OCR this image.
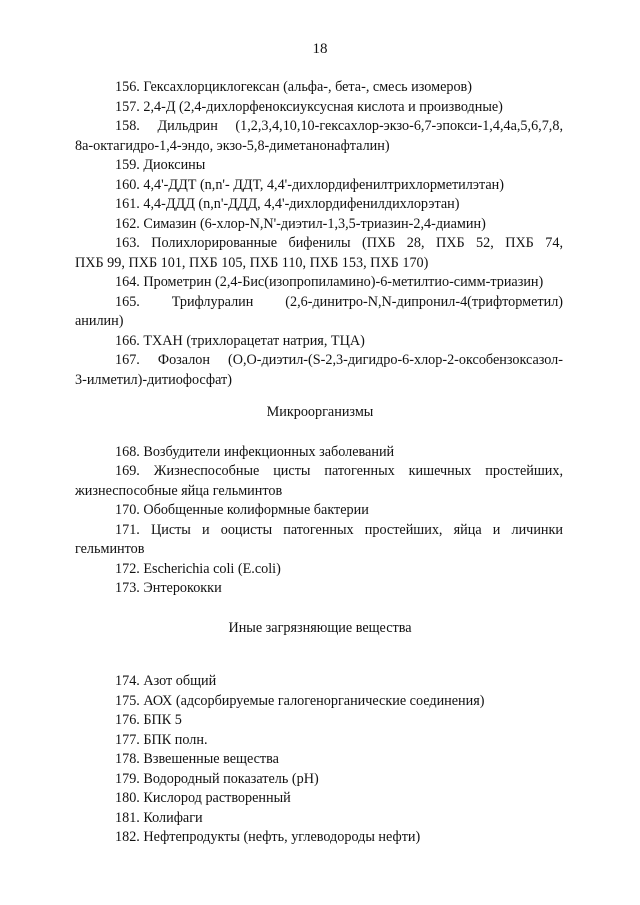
18
156. Гексахлорциклогексан (альфа-, бета-, смесь изомеров)
157. 2,4-Д (2,4-дихлорфеноксиуксусная кислота и производные)
158. Дильдрин (1,2,3,4,10,10-гексахлор-экзо-6,7-эпокси-1,4,4а,5,6,7,8,
8а-октагидро-1,4-эндо, экзо-5,8-диметанонафталин)
159. Диоксины
160. 4,4'-ДДТ (n,n'- ДДТ, 4,4'-дихлордифенилтрихлорметилэтан)
161. 4,4-ДДД (n,n'-ДДД, 4,4'-дихлордифенилдихлорэтан)
162. Симазин (6-хлор-N,N'-диэтил-1,3,5-триазин-2,4-диамин)
163. Полихлорированные бифенилы (ПХБ 28, ПХБ 52, ПХБ 74,
ПХБ 99, ПХБ 101, ПХБ 105, ПХБ 110, ПХБ 153, ПХБ 170)
164. Прометрин (2,4-Бис(изопропиламино)-6-метилтио-симм-триазин)
165. Трифлуралин (2,6-динитро-N,N-дипронил-4(трифторметил)
анилин)
166. ТХАН (трихлорацетат натрия, ТЦА)
167. Фозалон (O,O-диэтил-(S-2,3-дигидро-6-хлор-2-оксобензоксазол-
3-илметил)-дитиофосфат)
Микроорганизмы
168. Возбудители инфекционных заболеваний
169. Жизнеспособные цисты патогенных кишечных простейших,
жизнеспособные яйца гельминтов
170. Обобщенные колиформные бактерии
171. Цисты и ооцисты патогенных простейших, яйца и личинки
гельминтов
172. Escherichia coli (E.coli)
173. Энтерококки
Иные загрязняющие вещества
174. Азот общий
175. АОХ (адсорбируемые галогенорганические соединения)
176. БПК 5
177. БПК полн.
178. Взвешенные вещества
179. Водородный показатель (pH)
180. Кислород растворенный
181. Колифаги
182. Нефтепродукты (нефть, углеводороды нефти)
